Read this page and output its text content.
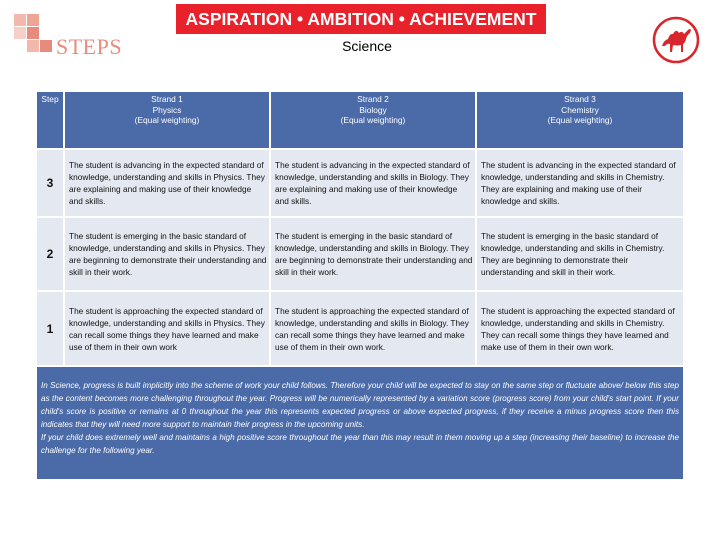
ASPIRATION • AMBITION • ACHIEVEMENT
STEPS	Science
Step	Strand 1
Physics
(Equal weighting)
Strand 2
Biology
(Equal weighting)
Strand 3
Chemistry
(Equal weighting)
3
The student is advancing in the expected standard of knowledge, understanding and skills in Physics. They are explaining and making use of their knowledge and skills.
The student is advancing in the expected standard of knowledge, understanding and skills in Biology. They are explaining and making use of their knowledge and skills.
The student is advancing in the expected standard of knowledge, understanding and skills in Chemistry. They are explaining and making use of their knowledge and skills.
2
The student is emerging in the basic standard of knowledge, understanding and skills in Physics. They are beginning to demonstrate their understanding and skill in their work.
The student is emerging in the basic standard of knowledge, understanding and skills in Biology. They are beginning to demonstrate their understanding and skill in their work.
The student is emerging in the basic standard of knowledge, understanding and skills in Chemistry. They are beginning to demonstrate their understanding and skill in their work.
1
The student is approaching the expected standard of knowledge, understanding and skills in Physics. They can recall some things they have learned and make use of them in their own work
The student is approaching the expected standard of knowledge, understanding and skills in Biology. They can recall some things they have learned and make use of them in their own work.
The student is approaching the expected standard of knowledge, understanding and skills in Chemistry. They can recall some things they have learned and make use of them in their own work.

In Science, progress is built implicitly into the scheme of work your child follows. Therefore your child will be expected to stay on the same step or fluctuate above/ below this step as the content becomes more challenging throughout the year. Progress will be numerically represented by a variation score (progress score) from your child's start point. If your child's score is positive or remains at 0 throughout the year this represents expected progress or above expected progress, if they receive a minus progress score then this indicates that they will need more support to maintain their progress in the upcoming units.

If your child does extremely well and maintains a high positive score throughout the year than this may result in them moving up a step (increasing their baseline) to increase the challenge for the following year.
